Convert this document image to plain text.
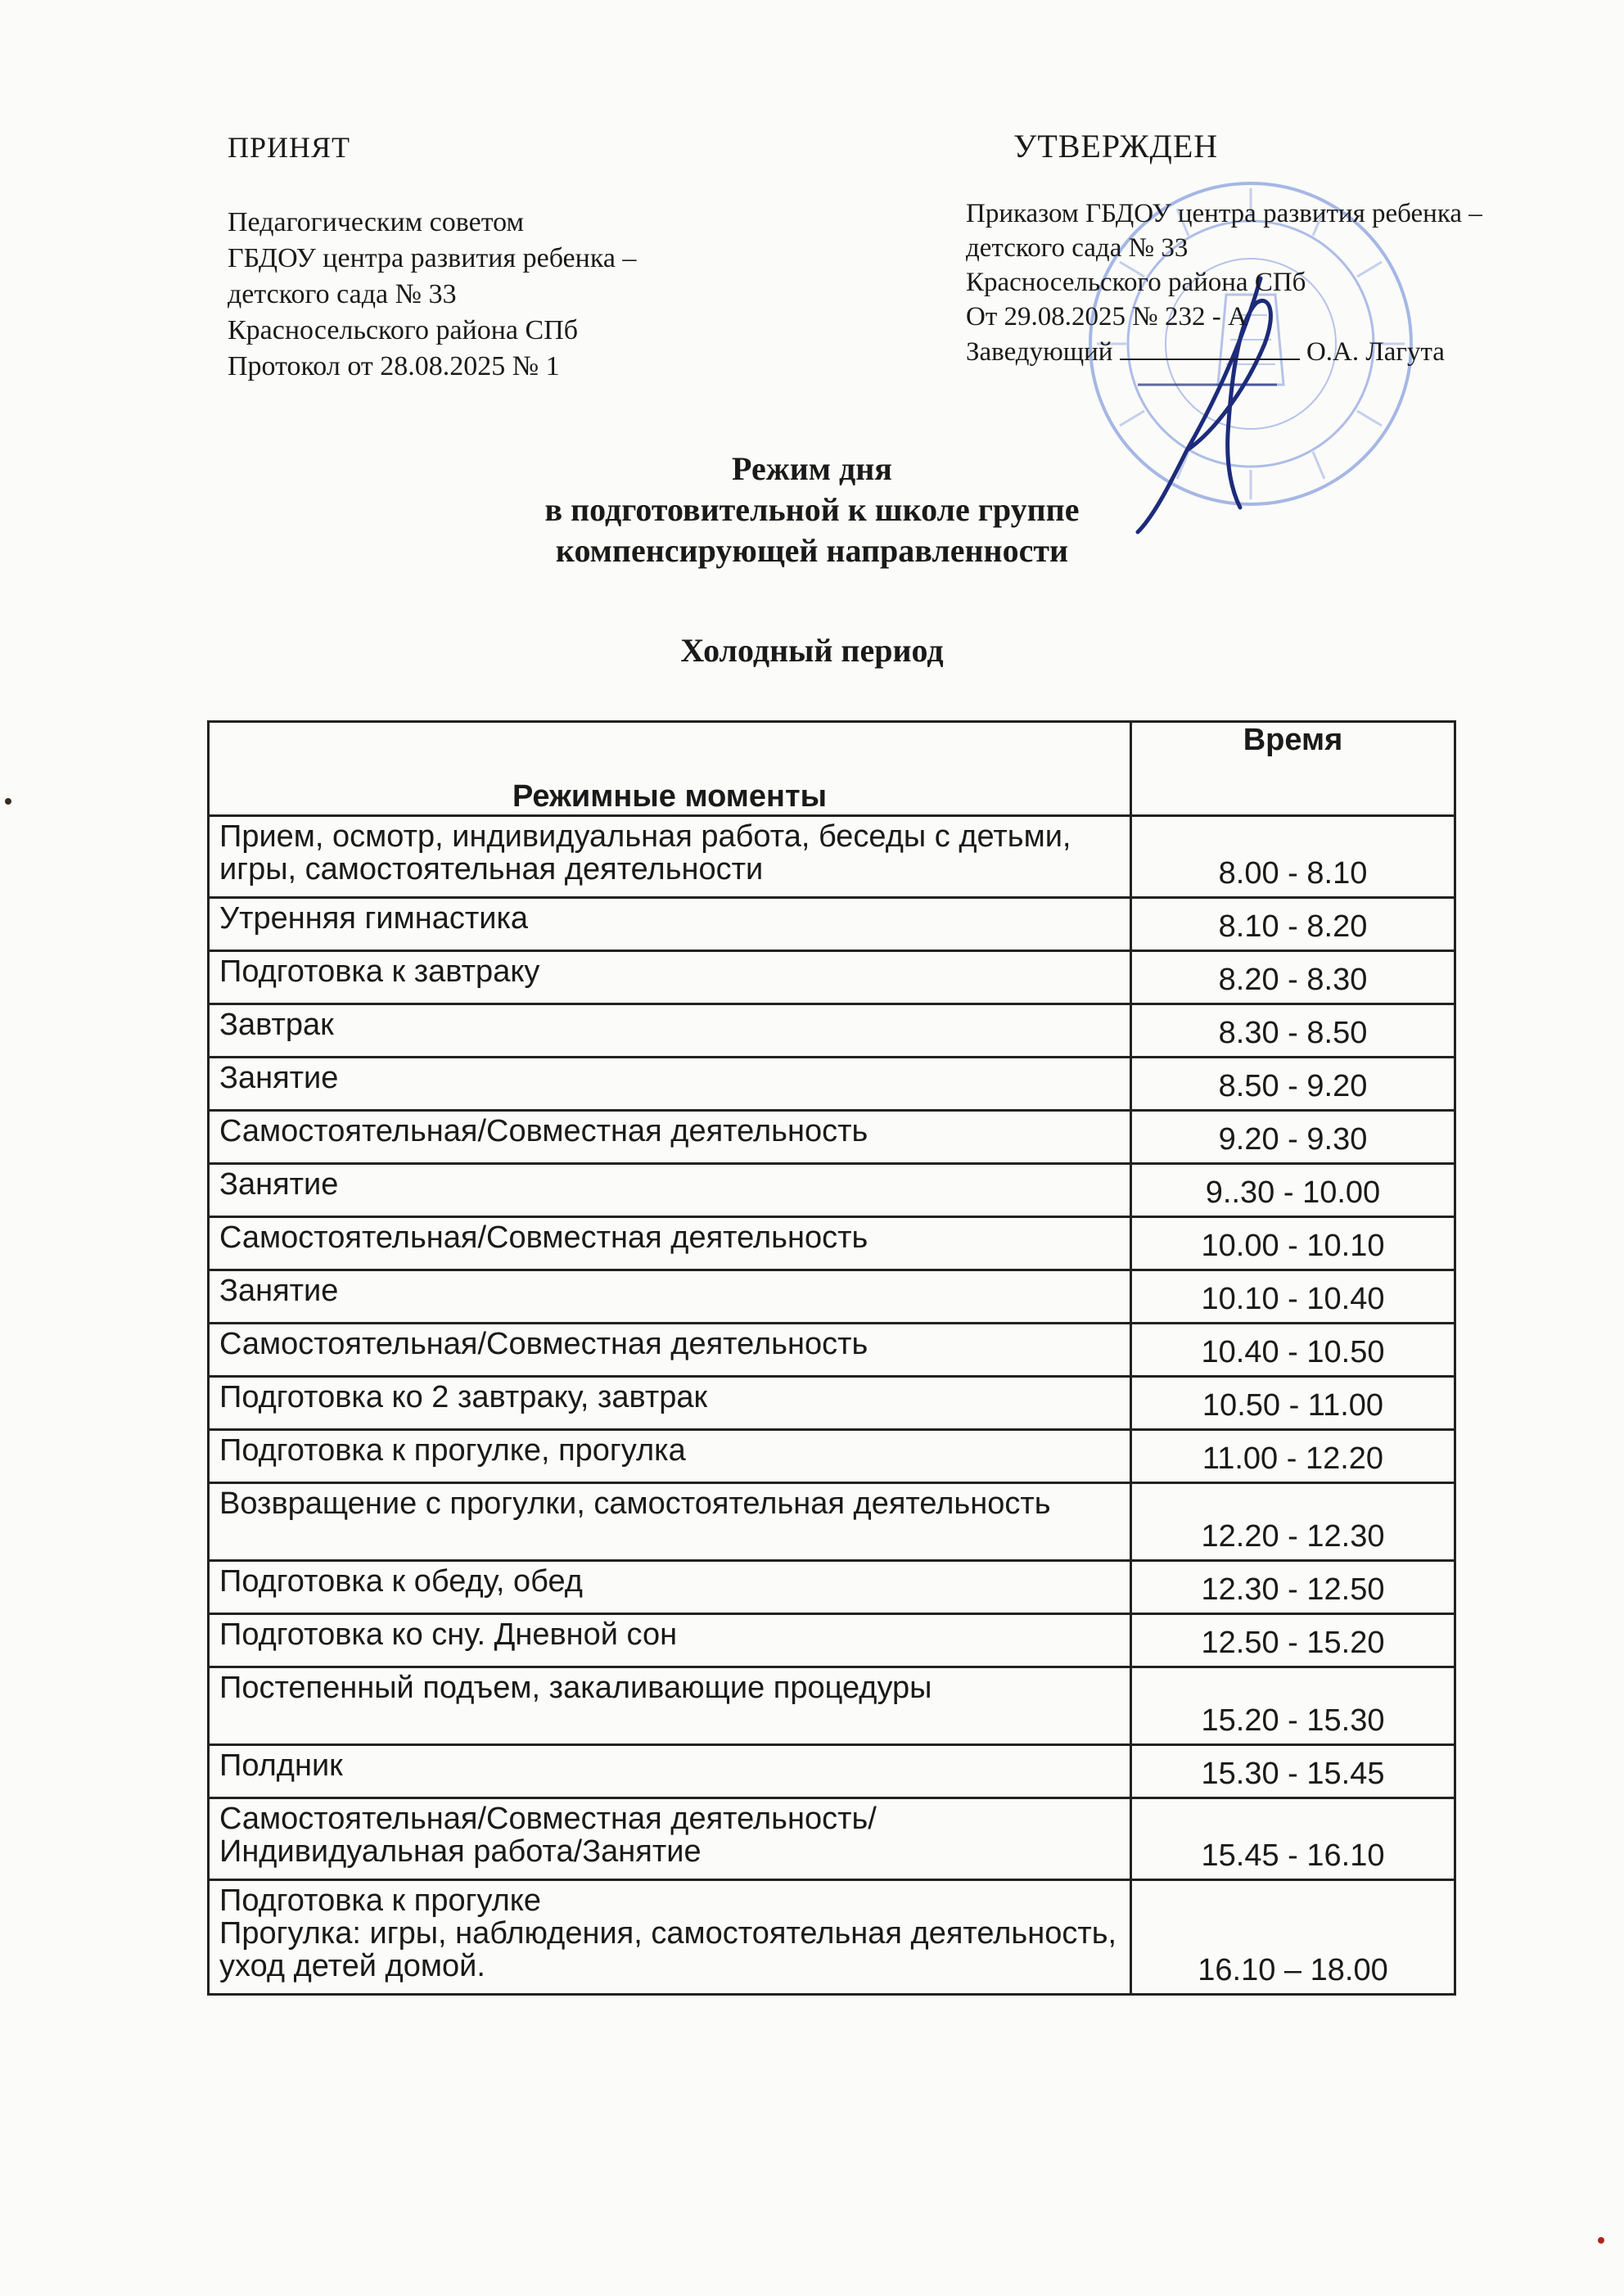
ПРИНЯТ
Педагогическим советом
ГБДОУ центра развития ребенка –
детского сада № 33
Красносельского района СПб
Протокол от 28.08.2025 № 1
УТВЕРЖДЕН
Приказом ГБДОУ центра развития ребенка –
детского сада № 33
Красносельского района СПб
От 29.08.2025 № 232 - А
Заведующий	О.А. Лагута
Режим дня
в подготовительной к школе группе
компенсирующей направленности
Холодный период
Режимные моменты	Время
Прием, осмотр, индивидуальная работа, беседы с детьми, игры, самостоятельная деятельности	8.00 - 8.10
Утренняя гимнастика	8.10 - 8.20
Подготовка к завтраку	8.20 - 8.30
Завтрак	8.30 - 8.50
Занятие	8.50 - 9.20
Самостоятельная/Совместная деятельность	9.20 - 9.30
Занятие	9..30 - 10.00
Самостоятельная/Совместная деятельность	10.00 - 10.10
Занятие	10.10 - 10.40
Самостоятельная/Совместная деятельность	10.40 - 10.50
Подготовка ко 2 завтраку, завтрак	10.50 - 11.00
Подготовка к прогулке, прогулка	11.00 - 12.20
Возвращение с прогулки, самостоятельная деятельность	12.20 - 12.30
Подготовка к обеду, обед	12.30 - 12.50
Подготовка ко сну. Дневной сон	12.50 - 15.20
Постепенный подъем, закаливающие процедуры	15.20 - 15.30
Полдник	15.30 - 15.45
Самостоятельная/Совместная деятельность/Индивидуальная работа/Занятие	15.45 - 16.10

Подготовка к прогулке
Прогулка: игры, наблюдения, самостоятельная деятельность, уход детей домой.	16.10 – 18.00
